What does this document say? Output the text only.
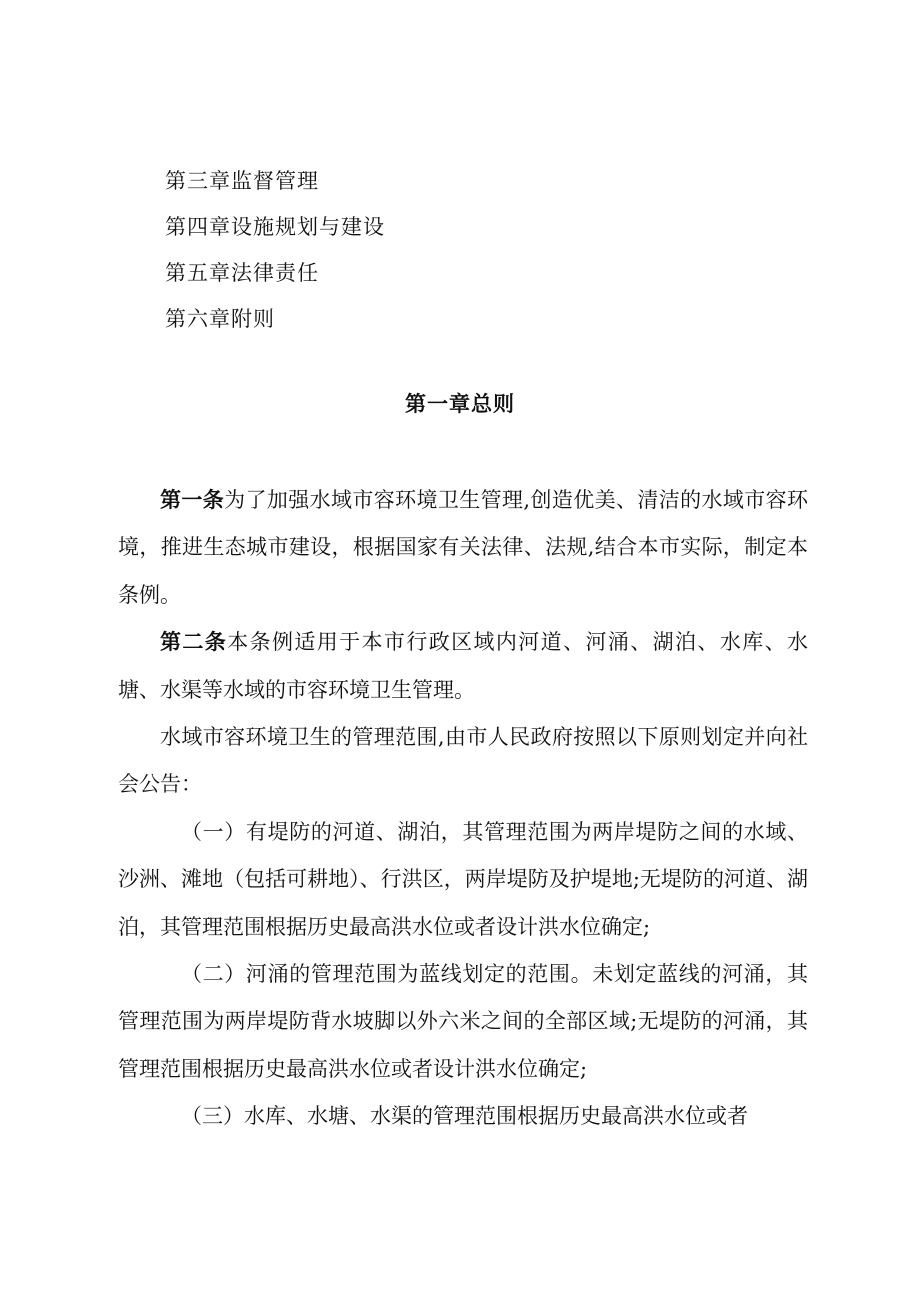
第三章监督管理
第四章设施规划与建设
第五章法律责任
第六章附则
第一章总则

第一条为了加强水域市容环境卫生管理,创造优美、清洁的水域市容环境，推进生态城市建设，根据国家有关法律、法规,结合本市实际，制定本条例。

第二条本条例适用于本市行政区域内河道、河涌、湖泊、水库、水塘、水渠等水域的市容环境卫生管理。

水域市容环境卫生的管理范围,由市人民政府按照以下原则划定并向社会公告：

（一）有堤防的河道、湖泊，其管理范围为两岸堤防之间的水域、沙洲、滩地（包括可耕地）、行洪区，两岸堤防及护堤地;无堤防的河道、湖泊，其管理范围根据历史最高洪水位或者设计洪水位确定;

（二）河涌的管理范围为蓝线划定的范围。未划定蓝线的河涌，其管理范围为两岸堤防背水坡脚以外六米之间的全部区域;无堤防的河涌，其管理范围根据历史最高洪水位或者设计洪水位确定;

（三）水库、水塘、水渠的管理范围根据历史最高洪水位或者
